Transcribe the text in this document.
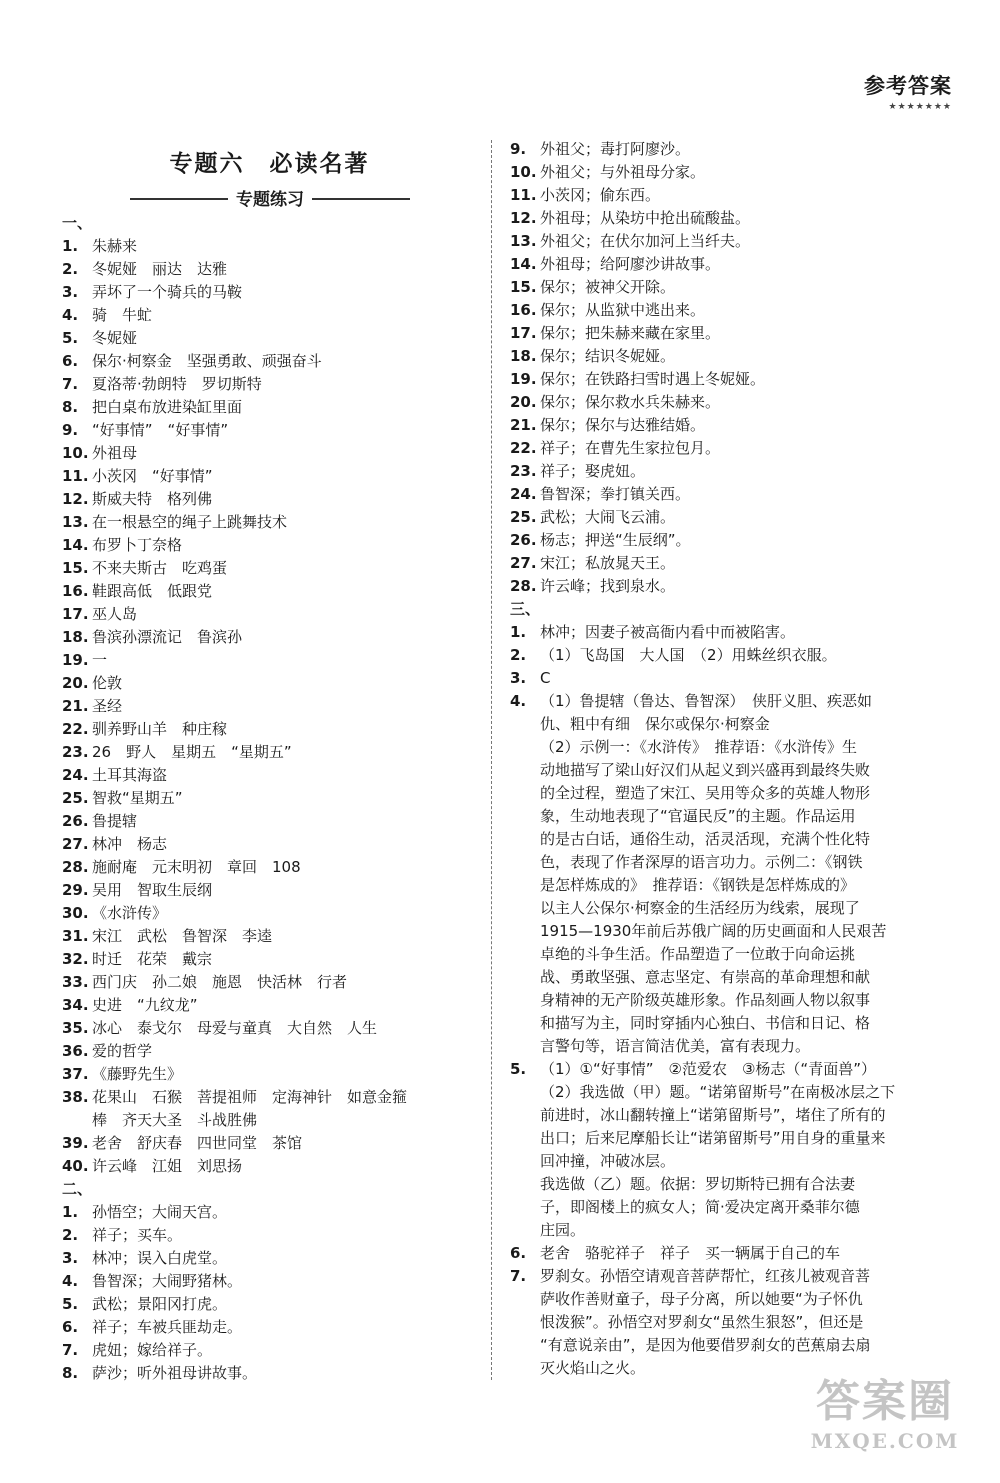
参考答案
★★★★★★★
专题六　必读名著
专题练习
一、
1. 朱赫来
2. 冬妮娅　丽达　达雅
3. 弄坏了一个骑兵的马鞍
4. 骑　牛虻
5. 冬妮娅
6. 保尔·柯察金　坚强勇敢、顽强奋斗
7. 夏洛蒂·勃朗特　罗切斯特
8. 把白桌布放进染缸里面
9. “好事情”　“好事情”
10. 外祖母
11. 小茨冈　“好事情”
12. 斯威夫特　格列佛
13. 在一根悬空的绳子上跳舞技术
14. 布罗卜丁奈格
15. 不来夫斯古　吃鸡蛋
16. 鞋跟高低　低跟党
17. 巫人岛
18. 鲁滨孙漂流记　鲁滨孙
19. 一
20. 伦敦
21. 圣经
22. 驯养野山羊　种庄稼
23. 26　野人　星期五　“星期五”
24. 土耳其海盗
25. 智救“星期五”
26. 鲁提辖
27. 林冲　杨志
28. 施耐庵　元末明初　章回　108
29. 吴用　智取生辰纲
30. 《水浒传》
31. 宋江　武松　鲁智深　李逵
32. 时迁　花荣　戴宗
33. 西门庆　孙二娘　施恩　快活林　行者
34. 史进　“九纹龙”
35. 冰心　泰戈尔　母爱与童真　大自然　人生
36. 爱的哲学
37. 《藤野先生》
38. 花果山　石猴　菩提祖师　定海神针　如意金箍
棒　齐天大圣　斗战胜佛
39. 老舍　舒庆春　四世同堂　茶馆
40. 许云峰　江姐　刘思扬
二、
1. 孙悟空；大闹天宫。
2. 祥子；买车。
3. 林冲；误入白虎堂。
4. 鲁智深；大闹野猪林。
5. 武松；景阳冈打虎。
6. 祥子；车被兵匪劫走。
7. 虎妞；嫁给祥子。
8. 萨沙；听外祖母讲故事。
9. 外祖父；毒打阿廖沙。
10. 外祖父；与外祖母分家。
11. 小茨冈；偷东西。
12. 外祖母；从染坊中抢出硫酸盐。
13. 外祖父；在伏尔加河上当纤夫。
14. 外祖母；给阿廖沙讲故事。
15. 保尔；被神父开除。
16. 保尔；从监狱中逃出来。
17. 保尔；把朱赫来藏在家里。
18. 保尔；结识冬妮娅。
19. 保尔；在铁路扫雪时遇上冬妮娅。
20. 保尔；保尔救水兵朱赫来。
21. 保尔；保尔与达雅结婚。
22. 祥子；在曹先生家拉包月。
23. 祥子；娶虎妞。
24. 鲁智深；拳打镇关西。
25. 武松；大闹飞云浦。
26. 杨志；押送“生辰纲”。
27. 宋江；私放晁天王。
28. 许云峰；找到泉水。
三、
1. 林冲；因妻子被高衙内看中而被陷害。
2. （1）飞岛国　大人国　（2）用蛛丝织衣服。
3. C
4. （1）鲁提辖（鲁达、鲁智深）　侠肝义胆、疾恶如
仇、粗中有细　保尔或保尔·柯察金
（2）示例一：《水浒传》　推荐语：《水浒传》生
动地描写了梁山好汉们从起义到兴盛再到最终失败
的全过程，塑造了宋江、吴用等众多的英雄人物形
象，生动地表现了“官逼民反”的主题。作品运用
的是古白话，通俗生动，活灵活现，充满个性化特
色，表现了作者深厚的语言功力。示例二：《钢铁
是怎样炼成的》　推荐语：《钢铁是怎样炼成的》
以主人公保尔·柯察金的生活经历为线索，展现了
1915—1930年前后苏俄广阔的历史画面和人民艰苦
卓绝的斗争生活。作品塑造了一位敢于向命运挑
战、勇敢坚强、意志坚定、有崇高的革命理想和献
身精神的无产阶级英雄形象。作品刻画人物以叙事
和描写为主，同时穿插内心独白、书信和日记、格
言警句等，语言简洁优美，富有表现力。
5. （1）①“好事情”　②范爱农　③杨志（“青面兽”）
（2）我选做（甲）题。“诺第留斯号”在南极冰层之下
前进时，冰山翻转撞上“诺第留斯号”，堵住了所有的
出口；后来尼摩船长让“诺第留斯号”用自身的重量来
回冲撞，冲破冰层。
我选做（乙）题。依据：罗切斯特已拥有合法妻
子，即阁楼上的疯女人；简·爱决定离开桑菲尔德
庄园。
6. 老舍　骆驼祥子　祥子　买一辆属于自己的车
7. 罗刹女。孙悟空请观音菩萨帮忙，红孩儿被观音菩
萨收作善财童子，母子分离，所以她要“为子怀仇
恨泼猴”。孙悟空对罗刹女“虽然生狠怒”，但还是
“有意说亲由”，是因为他要借罗刹女的芭蕉扇去扇
灭火焰山之火。
答案圈
MXQE.COM
